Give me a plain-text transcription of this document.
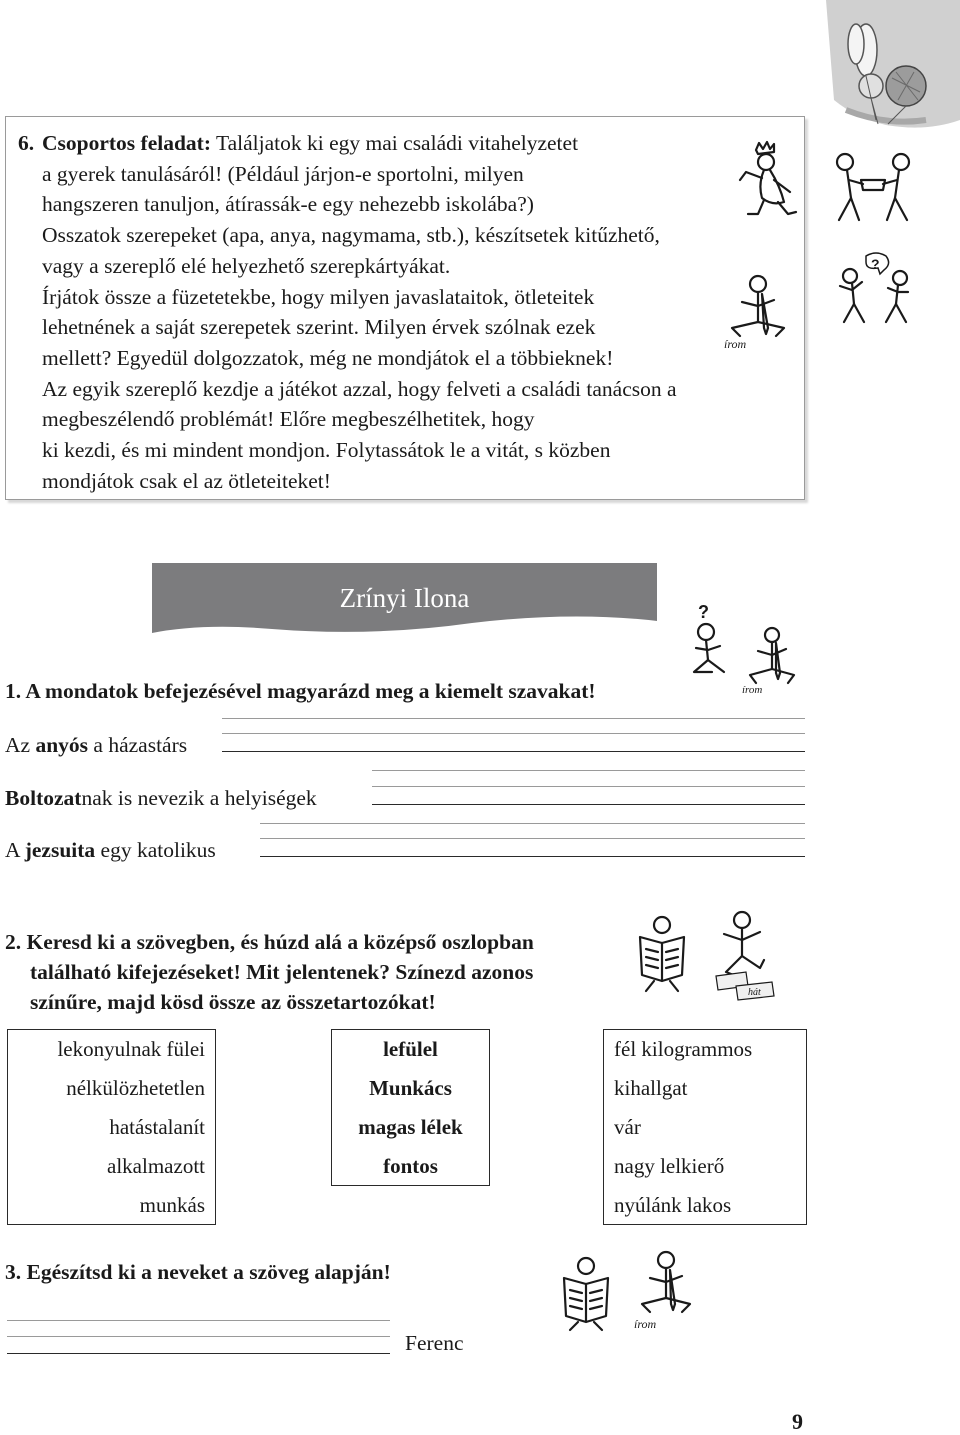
6. Csoportos feladat: Találjatok ki egy mai családi vitahelyzetet
a gyerek tanulásáról! (Például járjon-e sportolni, milyen
hangszeren tanuljon, átírassák-e egy nehezebb iskolába?)
Osszatok szerepeket (apa, anya, nagymama, stb.), készítsetek kitűzhető,
vagy a szereplő elé helyezhető szerepkártyákat.
Írjátok össze a füzetetekbe, hogy milyen javaslataitok, ötleteitek
lehetnének a saját szerepetek szerint. Milyen érvek szólnak ezek
mellett? Egyedül dolgozzatok, még ne mondjátok el a többieknek!
Az egyik szereplő kezdje a játékot azzal, hogy felveti a családi tanácson a
megbeszélendő problémát! Előre megbeszélhetitek, hogy
ki kezdi, és mi mindent mondjon. Folytassátok le a vitát, s közben
mondjátok csak el az ötleteiteket!
?
írom
Zrínyi Ilona	?
írom
1. A mondatok befejezésével magyarázd meg a kiemelt szavakat!
Az anyós a házastárs
Boltozatnak is nevezik a helyiségek
A jezsuita egy katolikus
2. Keresd ki a szövegben, és húzd alá a középső oszlopban
található kifejezéseket! Mit jelentenek? Színezd azonos
színűre, majd kösd össze az összetartozókat!	hát
lekonyulnak fülei
nélkülözhetetlen
hatástalanít
alkalmazott
munkás
lefülel
Munkács
magas lélek
fontos
fél kilogrammos
kihallgat
vár
nagy lelkierő
nyúlánk lakos
3. Egészítsd ki a neveket a szöveg alapján!
írom
Ferenc
9
